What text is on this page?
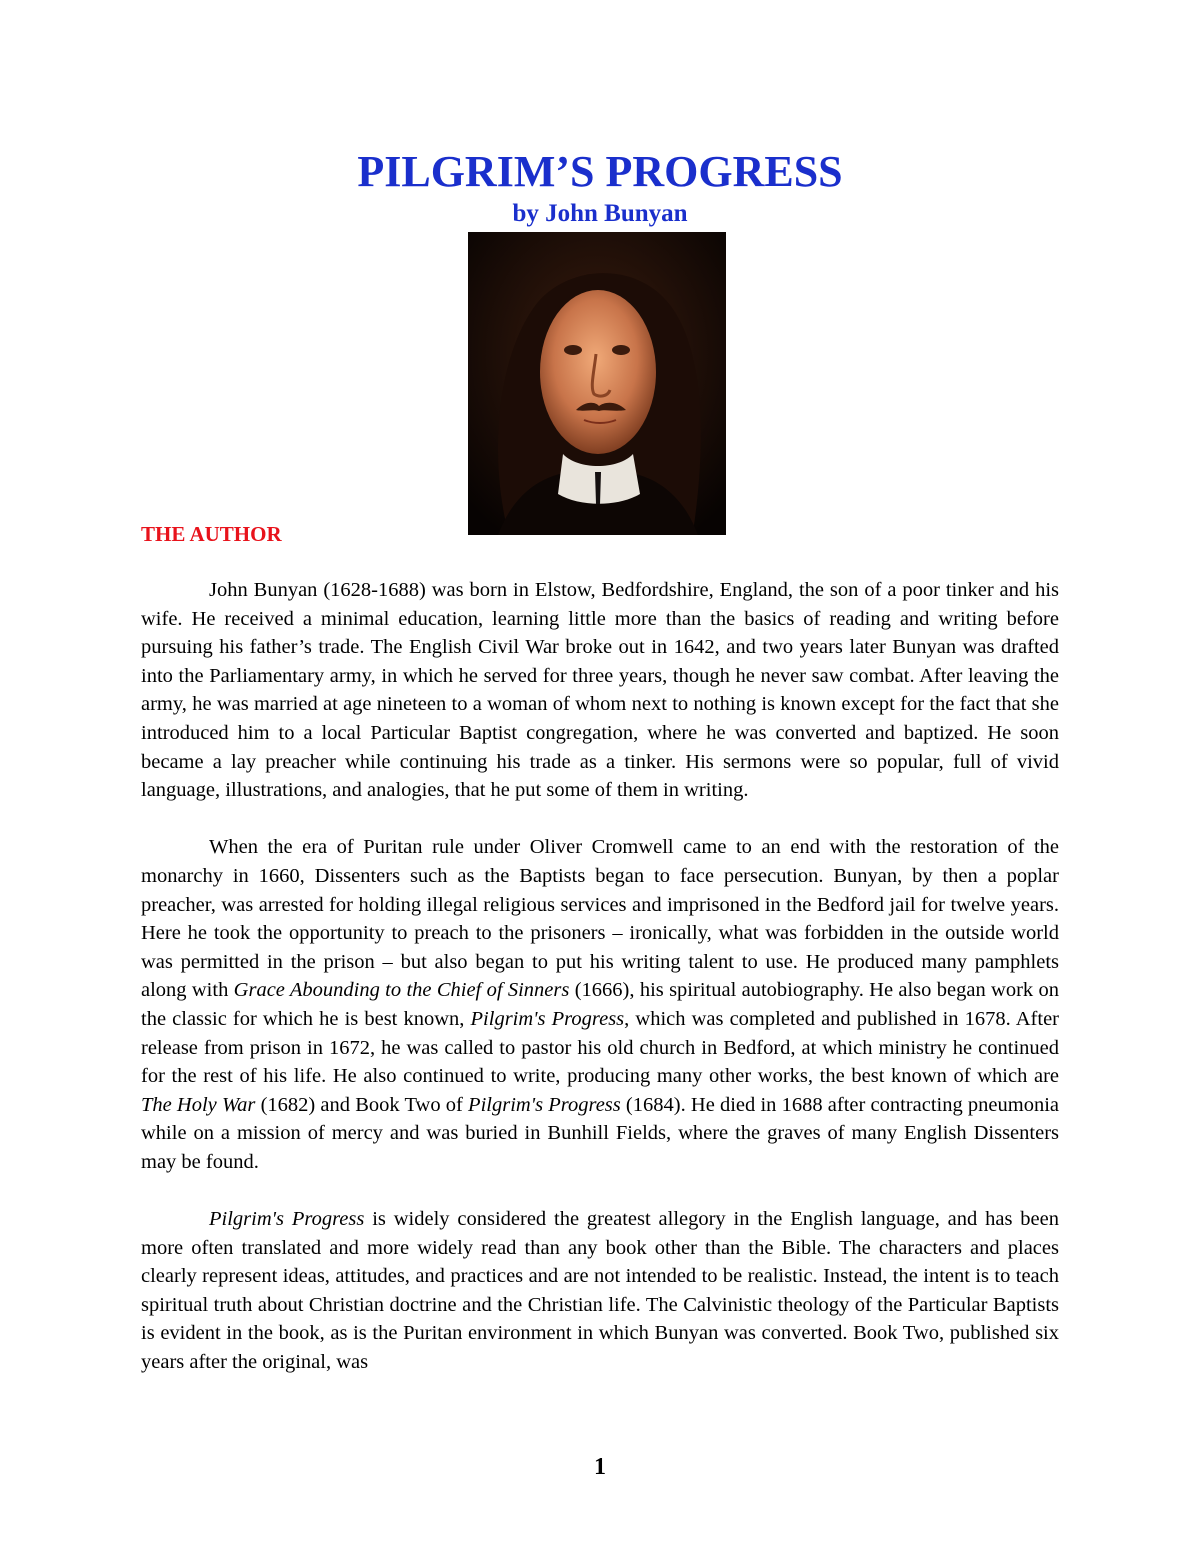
PILGRIM’S PROGRESS
by John Bunyan
THE AUTHOR

John Bunyan (1628-1688) was born in Elstow, Bedfordshire, England, the son of a poor tinker and his wife. He received a minimal education, learning little more than the basics of reading and writing before pursuing his father’s trade. The English Civil War broke out in 1642, and two years later Bunyan was drafted into the Parliamentary army, in which he served for three years, though he never saw combat. After leaving the army, he was married at age nineteen to a woman of whom next to nothing is known except for the fact that she introduced him to a local Particular Baptist congregation, where he was converted and baptized. He soon became a lay preacher while continuing his trade as a tinker. His sermons were so popular, full of vivid language, illustrations, and analogies, that he put some of them in writing.

When the era of Puritan rule under Oliver Cromwell came to an end with the restoration of the monarchy in 1660, Dissenters such as the Baptists began to face persecution. Bunyan, by then a poplar preacher, was arrested for holding illegal religious services and imprisoned in the Bedford jail for twelve years. Here he took the opportunity to preach to the prisoners – ironically, what was forbidden in the outside world was permitted in the prison – but also began to put his writing talent to use. He produced many pamphlets along with Grace Abounding to the Chief of Sinners (1666), his spiritual autobiography. He also began work on the classic for which he is best known, Pilgrim's Progress, which was completed and published in 1678. After release from prison in 1672, he was called to pastor his old church in Bedford, at which ministry he continued for the rest of his life. He also continued to write, producing many other works, the best known of which are The Holy War (1682) and Book Two of Pilgrim's Progress (1684). He died in 1688 after contracting pneumonia while on a mission of mercy and was buried in Bunhill Fields, where the graves of many English Dissenters may be found.

Pilgrim's Progress is widely considered the greatest allegory in the English language, and has been more often translated and more widely read than any book other than the Bible. The characters and places clearly represent ideas, attitudes, and practices and are not intended to be realistic. Instead, the intent is to teach spiritual truth about Christian doctrine and the Christian life. The Calvinistic theology of the Particular Baptists is evident in the book, as is the Puritan environment in which Bunyan was converted. Book Two, published six years after the original, was

1
